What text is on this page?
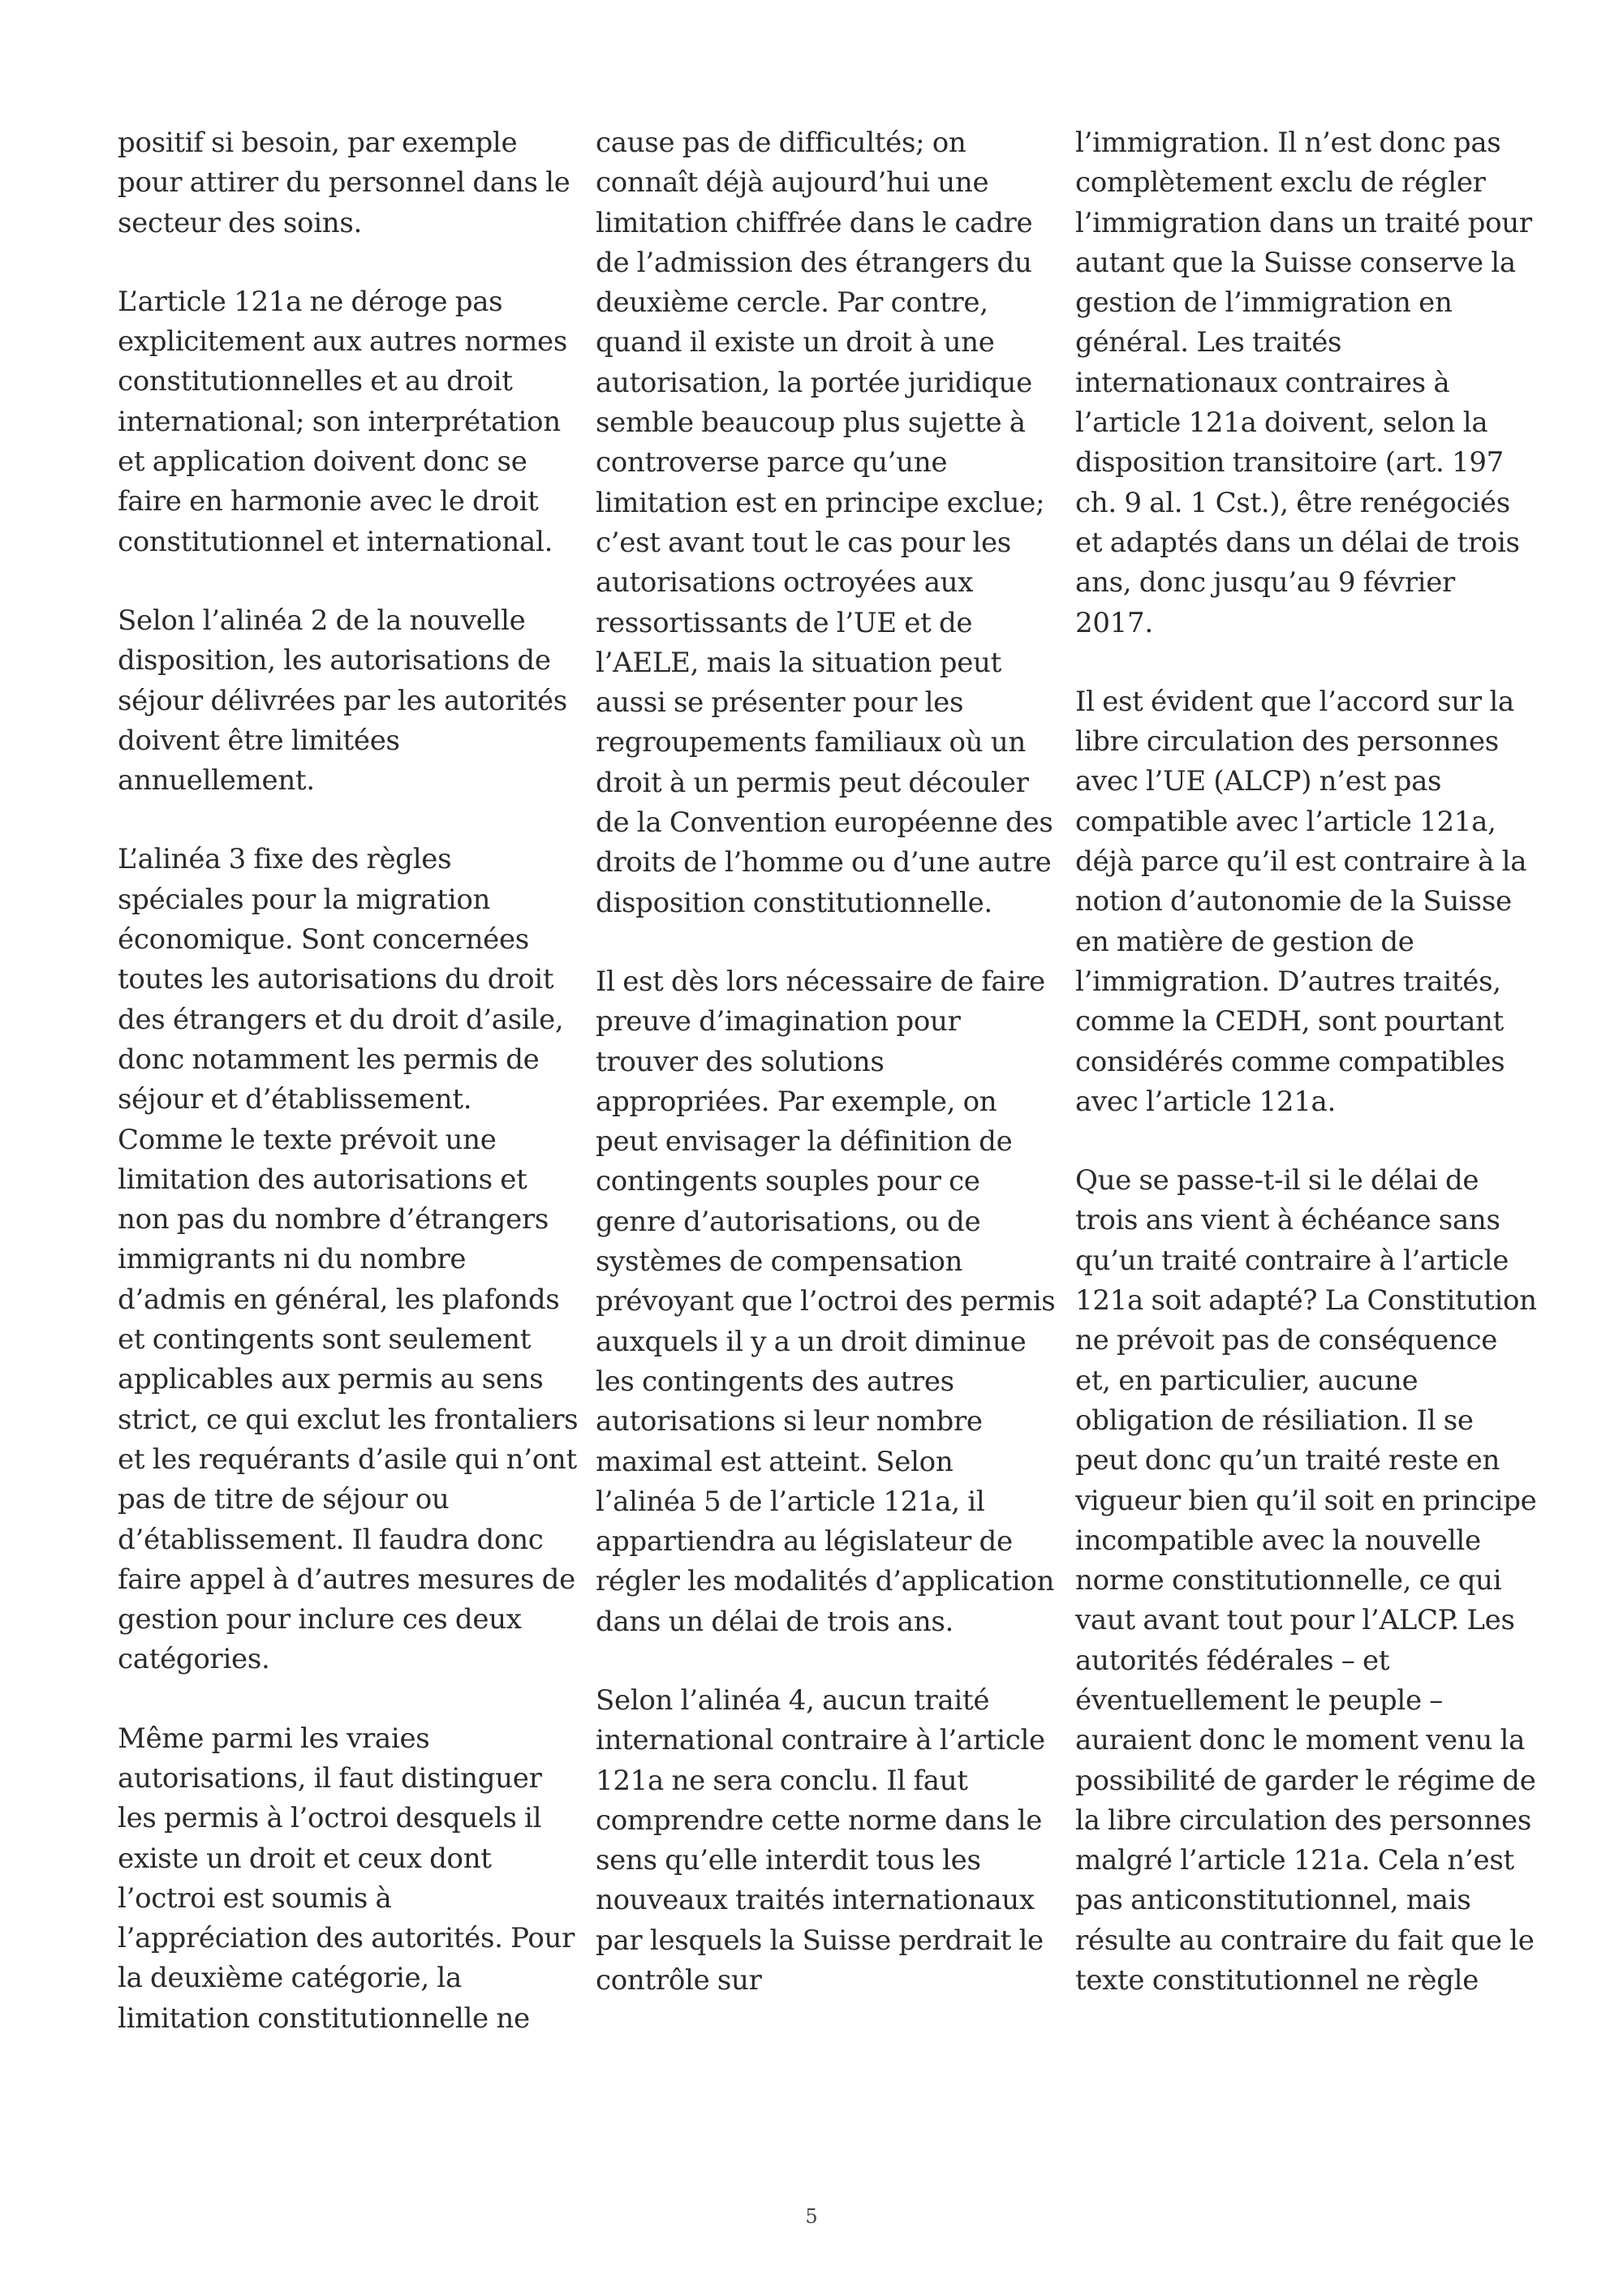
positif si besoin, par exemple pour attirer du personnel dans le secteur des soins.

L’article 121a ne déroge pas explicitement aux autres normes constitutionnelles et au droit international; son interprétation et application doivent donc se faire en harmonie avec le droit constitutionnel et international.

Selon l’alinéa 2 de la nouvelle disposition, les autorisations de séjour délivrées par les autorités doivent être limitées annuellement.

L’alinéa 3 fixe des règles spéciales pour la migration économique. Sont concernées toutes les autorisations du droit des étrangers et du droit d’asile, donc notamment les permis de séjour et d’établissement. Comme le texte prévoit une limitation des autorisations et non pas du nombre d’étrangers immigrants ni du nombre d’admis en général, les plafonds et contingents sont seulement applicables aux permis au sens strict, ce qui exclut les frontaliers et les requérants d’asile qui n’ont pas de titre de séjour ou d’établissement. Il faudra donc faire appel à d’autres mesures de gestion pour inclure ces deux catégories.

Même parmi les vraies autorisations, il faut distinguer les permis à l’octroi desquels il existe un droit et ceux dont l’octroi est soumis à l’appréciation des autorités. Pour la deuxième catégorie, la limitation constitutionnelle ne

cause pas de difficultés; on connaît déjà aujourd’hui une limitation chiffrée dans le cadre de l’admission des étrangers du deuxième cercle. Par contre, quand il existe un droit à une autorisation, la portée juridique semble beaucoup plus sujette à controverse parce qu’une limitation est en principe exclue; c’est avant tout le cas pour les autorisations octroyées aux ressortissants de l’UE et de l’AELE, mais la situation peut aussi se présenter pour les regroupements familiaux où un droit à un permis peut découler de la Convention européenne des droits de l’homme ou d’une autre disposition constitutionnelle.

Il est dès lors nécessaire de faire preuve d’imagination pour trouver des solutions appropriées. Par exemple, on peut envisager la définition de contingents souples pour ce genre d’autorisations, ou de systèmes de compensation prévoyant que l’octroi des permis auxquels il y a un droit diminue les contingents des autres autorisations si leur nombre maximal est atteint. Selon l’alinéa 5 de l’article 121a, il appartiendra au législateur de régler les modalités d’application dans un délai de trois ans.

Selon l’alinéa 4, aucun traité international contraire à l’article 121a ne sera conclu. Il faut comprendre cette norme dans le sens qu’elle interdit tous les nouveaux traités internationaux par lesquels la Suisse perdrait le contrôle sur

l’immigration. Il n’est donc pas complètement exclu de régler l’immigration dans un traité pour autant que la Suisse conserve la gestion de l’immigration en général. Les traités internationaux contraires à l’article 121a doivent, selon la disposition transitoire (art. 197 ch. 9 al. 1 Cst.), être renégociés et adaptés dans un délai de trois ans, donc jusqu’au 9 février 2017.

Il est évident que l’accord sur la libre circulation des personnes avec l’UE (ALCP) n’est pas compatible avec l’article 121a, déjà parce qu’il est contraire à la notion d’autonomie de la Suisse en matière de gestion de l’immigration. D’autres traités, comme la CEDH, sont pourtant considérés comme compatibles avec l’article 121a.

Que se passe-t-il si le délai de trois ans vient à échéance sans qu’un traité contraire à l’article 121a soit adapté? La Constitution ne prévoit pas de conséquence et, en particulier, aucune obligation de résiliation. Il se peut donc qu’un traité reste en vigueur bien qu’il soit en principe incompatible avec la nouvelle norme constitutionnelle, ce qui vaut avant tout pour l’ALCP. Les autorités fédérales – et éventuellement le peuple – auraient donc le moment venu la possibilité de garder le régime de la libre circulation des personnes malgré l’article 121a. Cela n’est pas anticonstitutionnel, mais résulte au contraire du fait que le texte constitutionnel ne règle

5
